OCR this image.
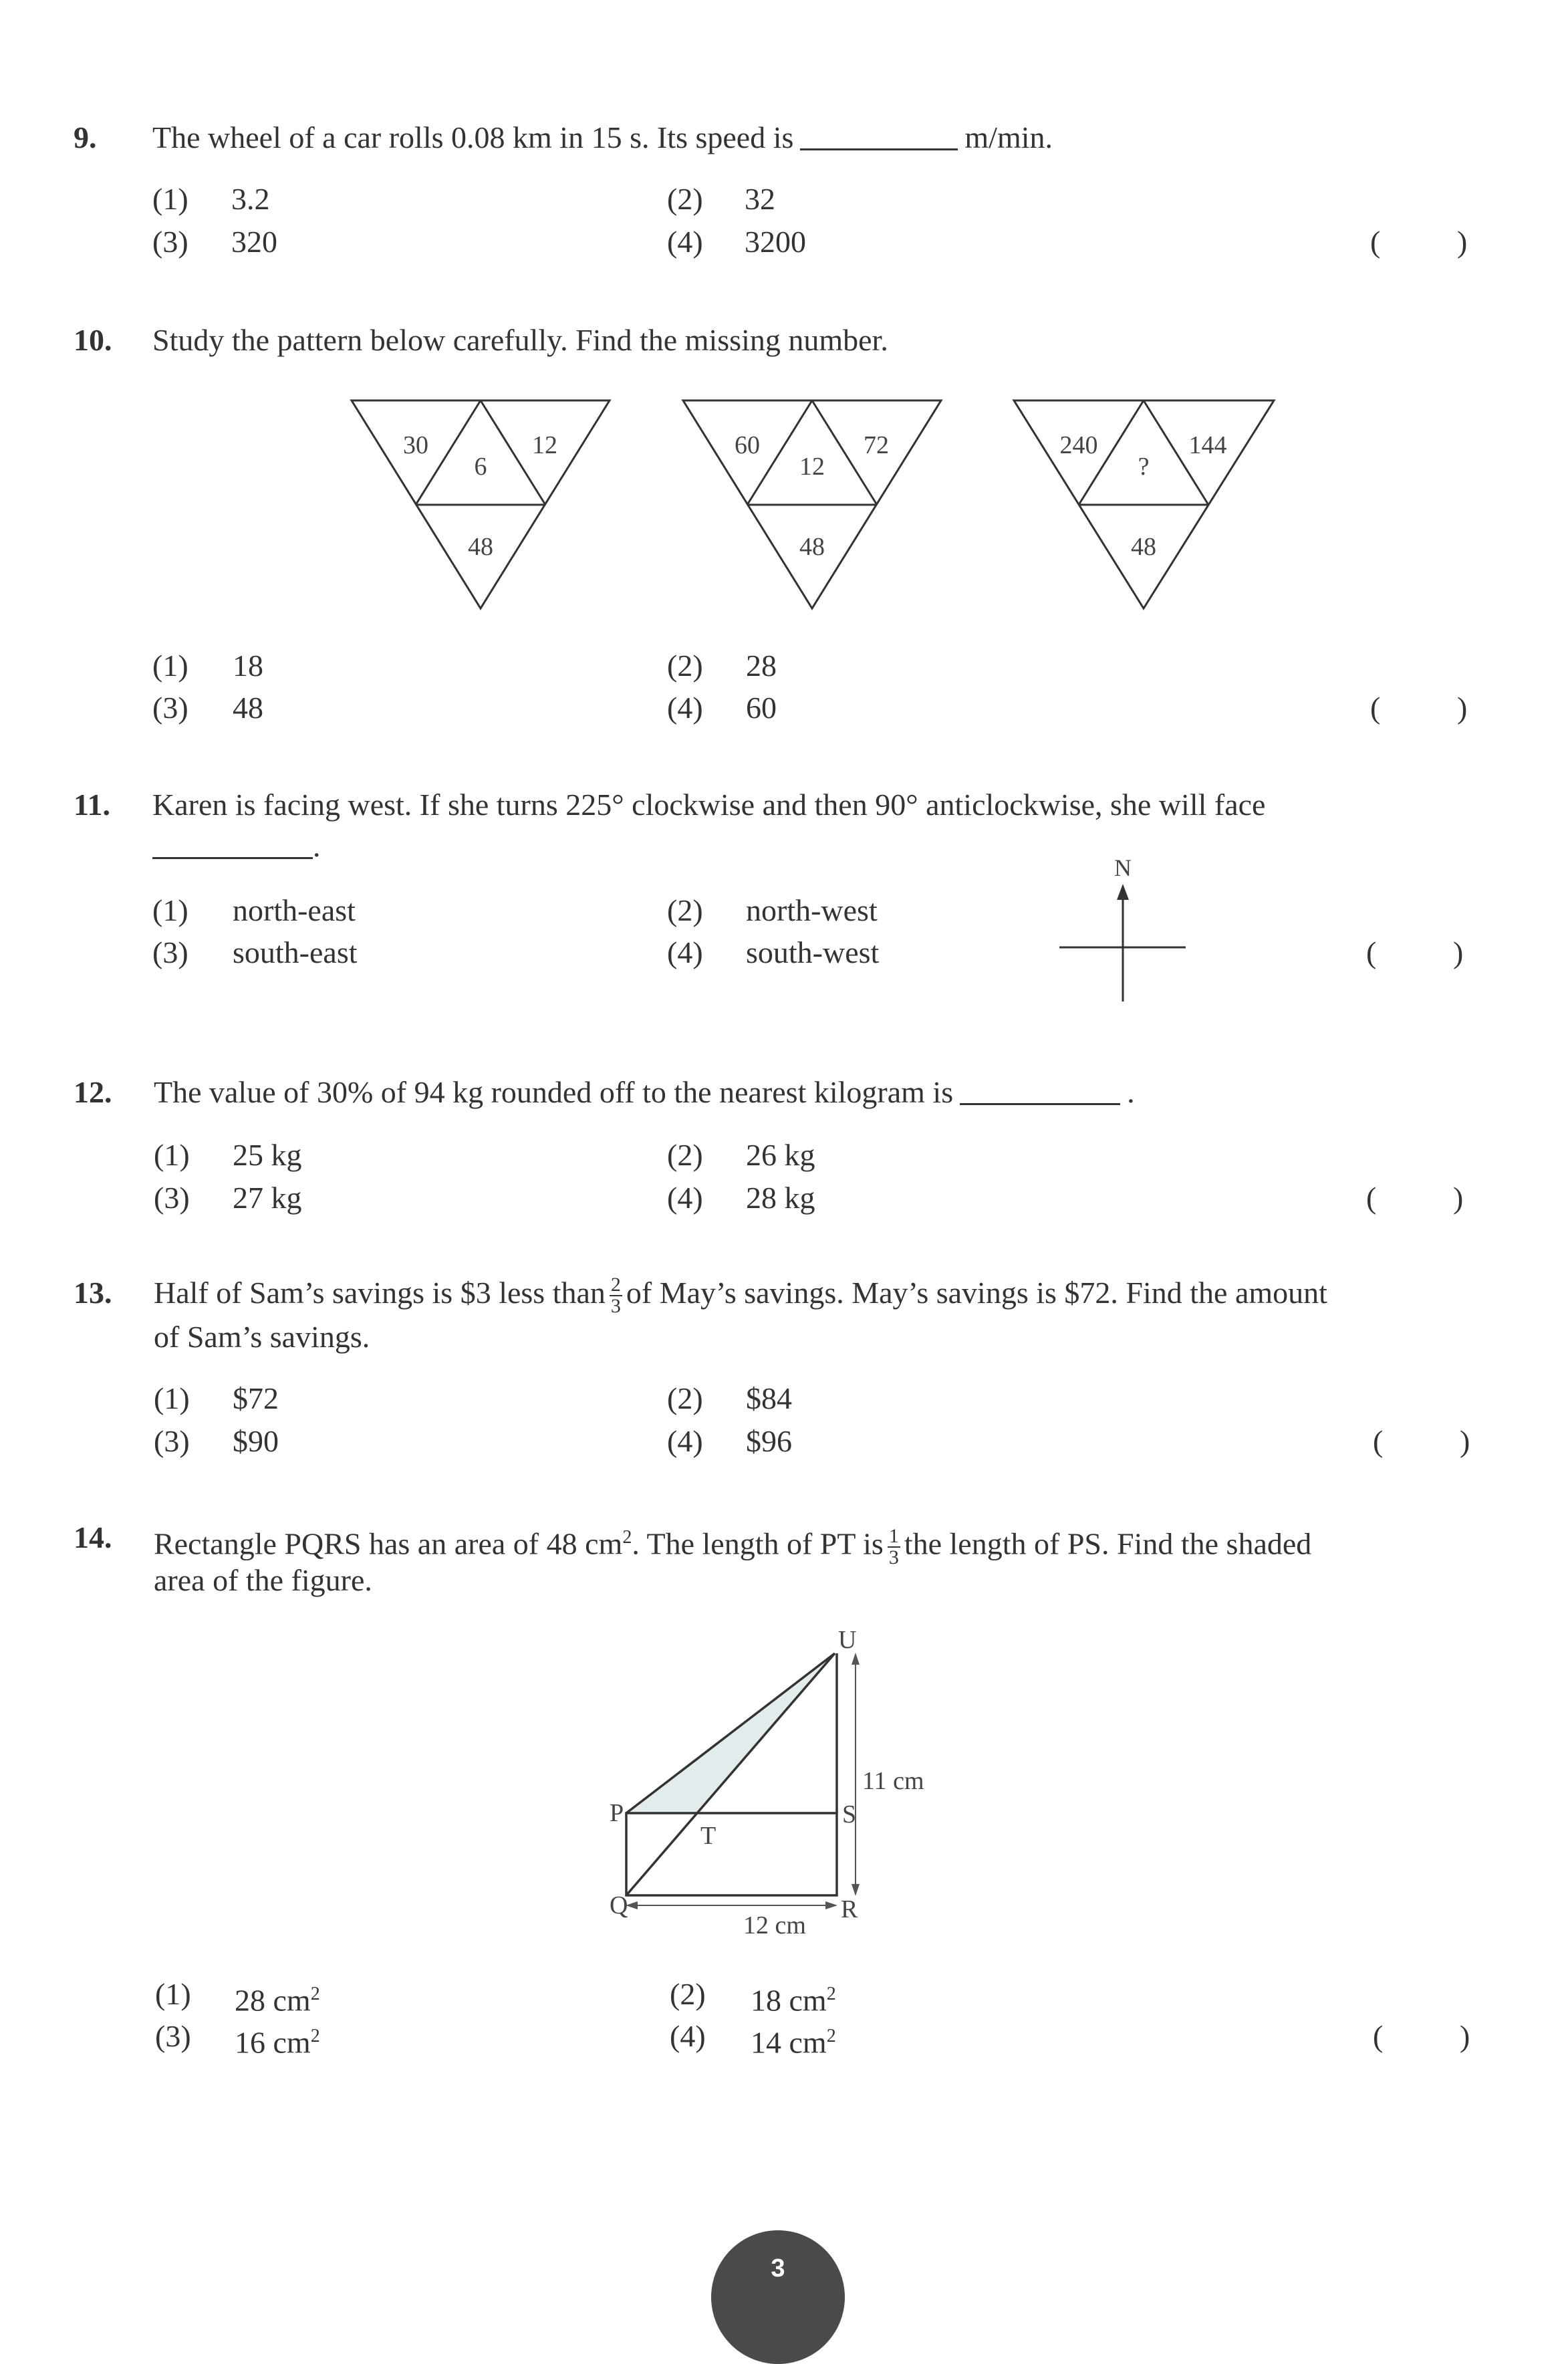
30	12
6
48
60	72
12
48
240	144
?
48
N
U
P	S
T
Q	R
11 cm
12 cm
9. The wheel of a car rolls 0.08 km in 15 s. Its speed is	m/min.
(1) 3.2	(2) 32
(3) 320	(4) 3200	( )
10. Study the pattern below carefully. Find the missing number.
(1) 18	(2) 28
(3) 48	(4) 60	( )
11. Karen is facing west. If she turns 225° clockwise and then 90° anticlockwise, she will face
.
(1) north-east	(2) north-west
(3) south-east	(4) south-west	( )
12. The value of 30% of 94 kg rounded off to the nearest kilogram is	.
(1) 25 kg	(2) 26 kg
(3) 27 kg	(4) 28 kg	( )
13. Half of Sam’s savings is $3 less than $\frac{2}{3}$ of May’s savings. May’s savings is $72. Find the amount
of Sam’s savings.
(1) $72	(2) $84
(3) $90	(4) $96	( )
14. Rectangle PQRS has an area of 48 $cm^2$. The length of PT is $\frac{1}{3}$ the length of PS. Find the shaded
area of the figure.
(1) 28 $cm^2$	(2) 18 $cm^2$
(3) 16 $cm^2$	(4) 14 $cm^2$	( )
3
